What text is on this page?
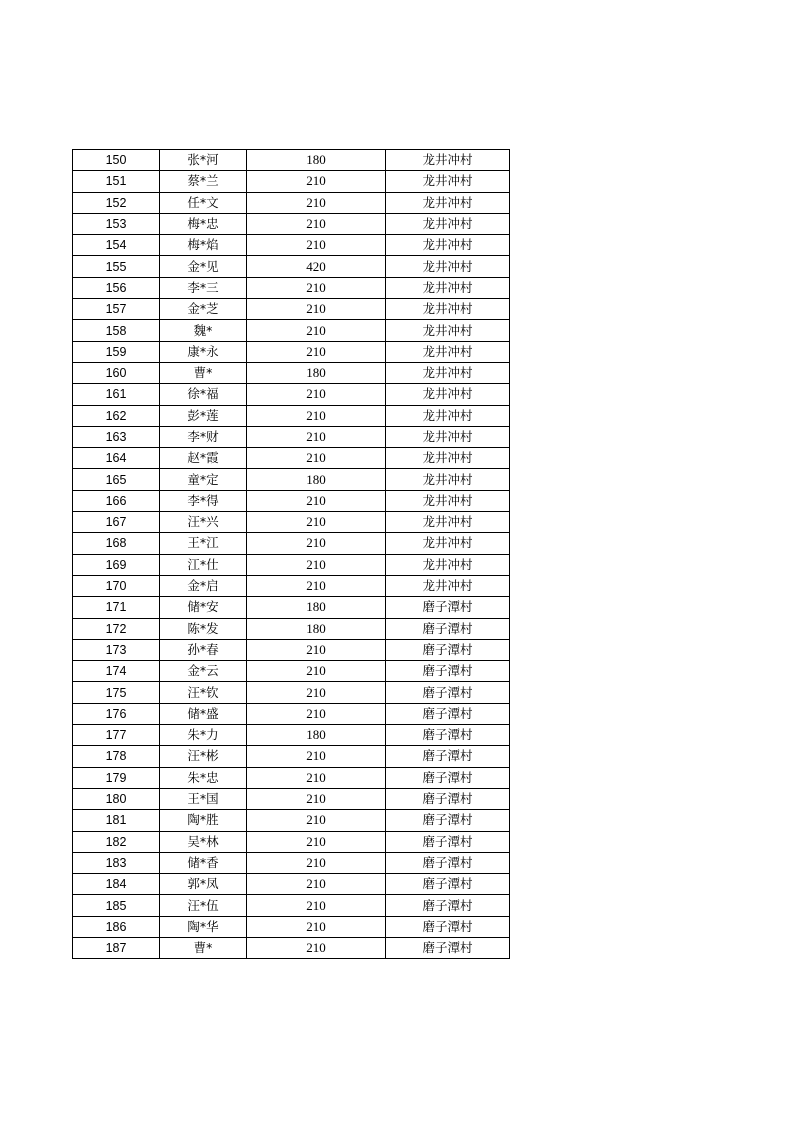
150	张*河	180	龙井冲村
151	蔡*兰	210	龙井冲村
152	任*文	210	龙井冲村
153	梅*忠	210	龙井冲村
154	梅*焰	210	龙井冲村
155	金*见	420	龙井冲村
156	李*三	210	龙井冲村
157	金*芝	210	龙井冲村
158	魏*	210	龙井冲村
159	康*永	210	龙井冲村
160	曹*	180	龙井冲村
161	徐*福	210	龙井冲村
162	彭*莲	210	龙井冲村
163	李*财	210	龙井冲村
164	赵*霞	210	龙井冲村
165	童*定	180	龙井冲村
166	李*得	210	龙井冲村
167	汪*兴	210	龙井冲村
168	王*江	210	龙井冲村
169	江*仕	210	龙井冲村
170	金*启	210	龙井冲村
171	储*安	180	磨子潭村
172	陈*发	180	磨子潭村
173	孙*春	210	磨子潭村
174	金*云	210	磨子潭村
175	汪*钦	210	磨子潭村
176	储*盛	210	磨子潭村
177	朱*力	180	磨子潭村
178	汪*彬	210	磨子潭村
179	朱*忠	210	磨子潭村
180	王*国	210	磨子潭村
181	陶*胜	210	磨子潭村
182	吴*林	210	磨子潭村
183	储*香	210	磨子潭村
184	郭*凤	210	磨子潭村
185	汪*伍	210	磨子潭村
186	陶*华	210	磨子潭村
187	曹*	210	磨子潭村
